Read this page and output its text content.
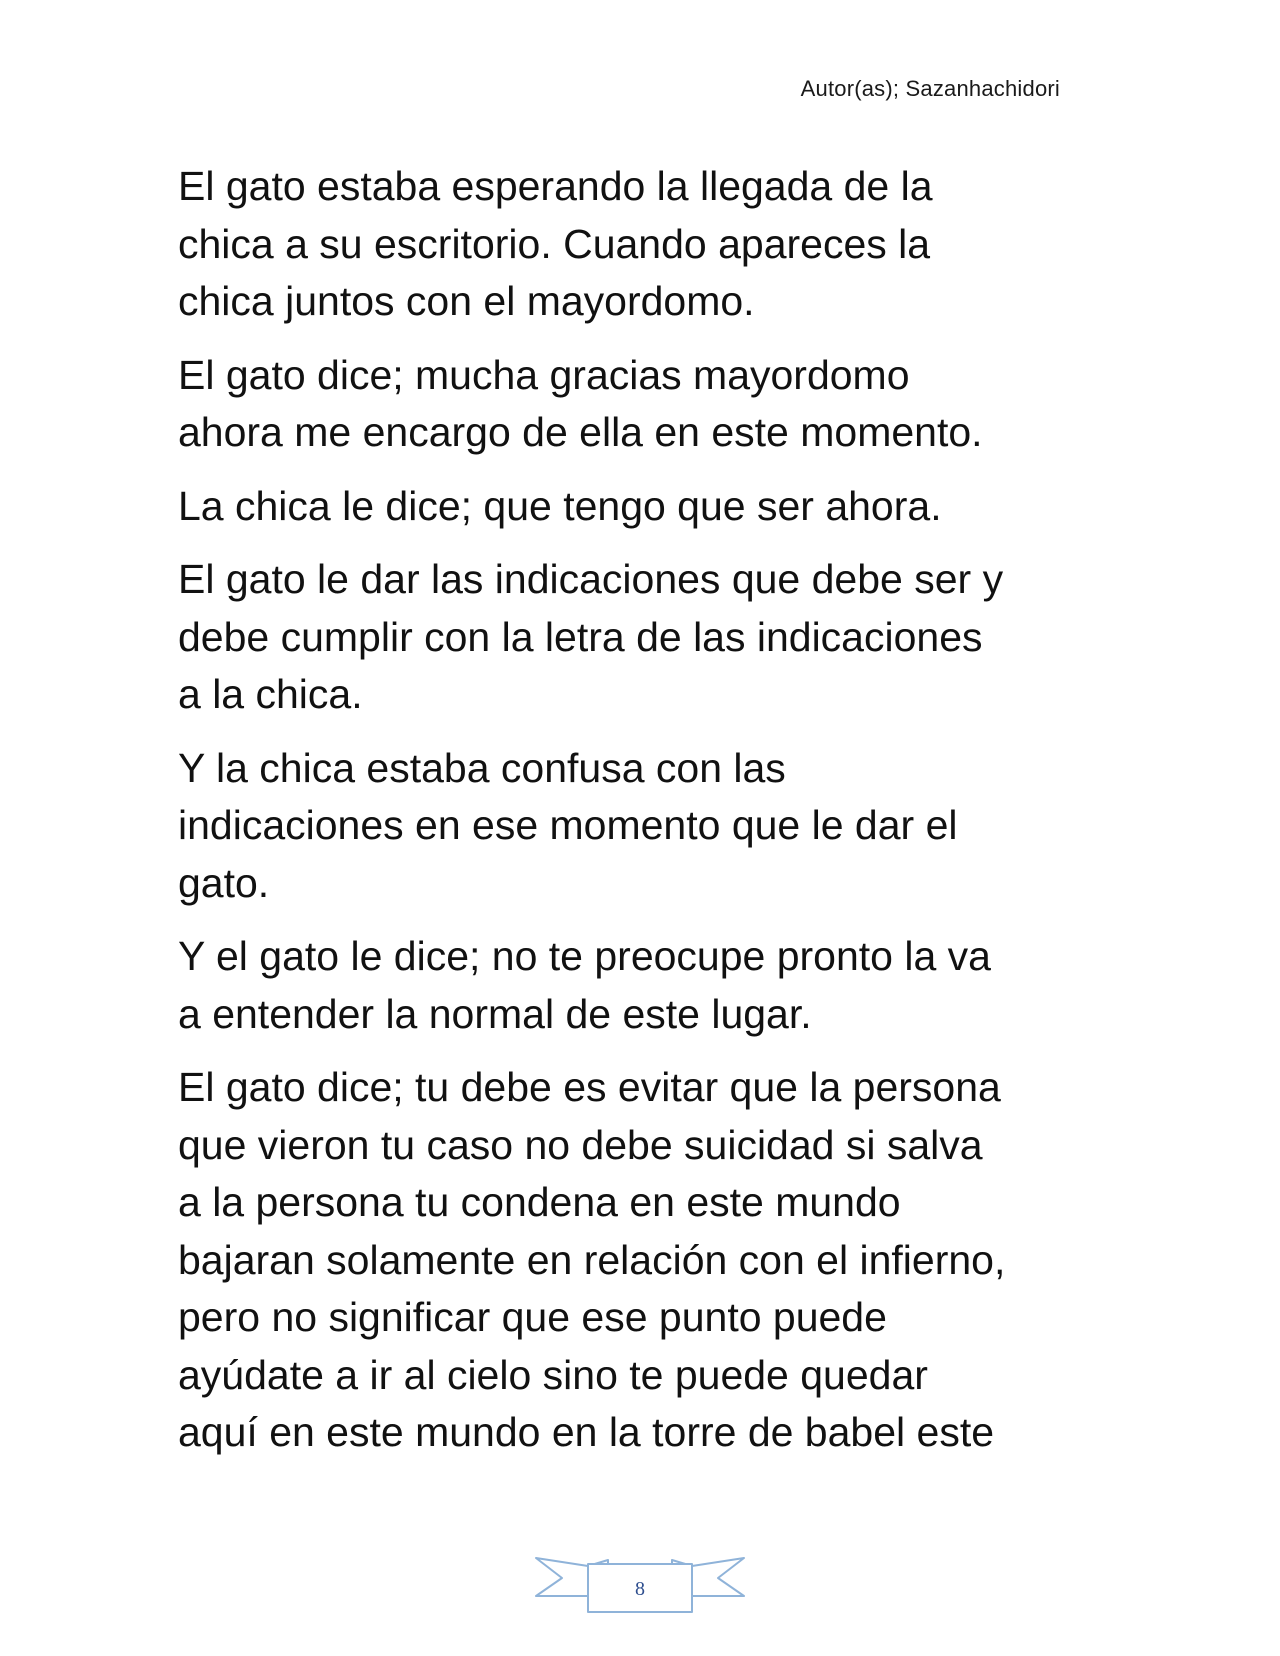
Autor(as); Sazanhachidori

El gato estaba esperando la llegada de la
chica a su escritorio. Cuando apareces la
chica juntos con el mayordomo.

El gato dice; mucha gracias mayordomo
ahora me encargo de ella en este momento.

La chica le dice; que tengo que ser ahora.

El gato le dar las indicaciones que debe ser y
debe cumplir con la letra de las indicaciones
a la chica.

Y la chica estaba confusa con las
indicaciones en ese momento que le dar el
gato.

Y el gato le dice; no te preocupe pronto la va
a entender la normal de este lugar.

El gato dice; tu debe es evitar que la persona
que vieron tu caso no debe suicidad si salva
a la persona tu condena en este mundo
bajaran solamente en relación con el infierno,
pero no significar que ese punto puede
ayúdate a ir al cielo sino te puede quedar
aquí en este mundo en la torre de babel este

8
